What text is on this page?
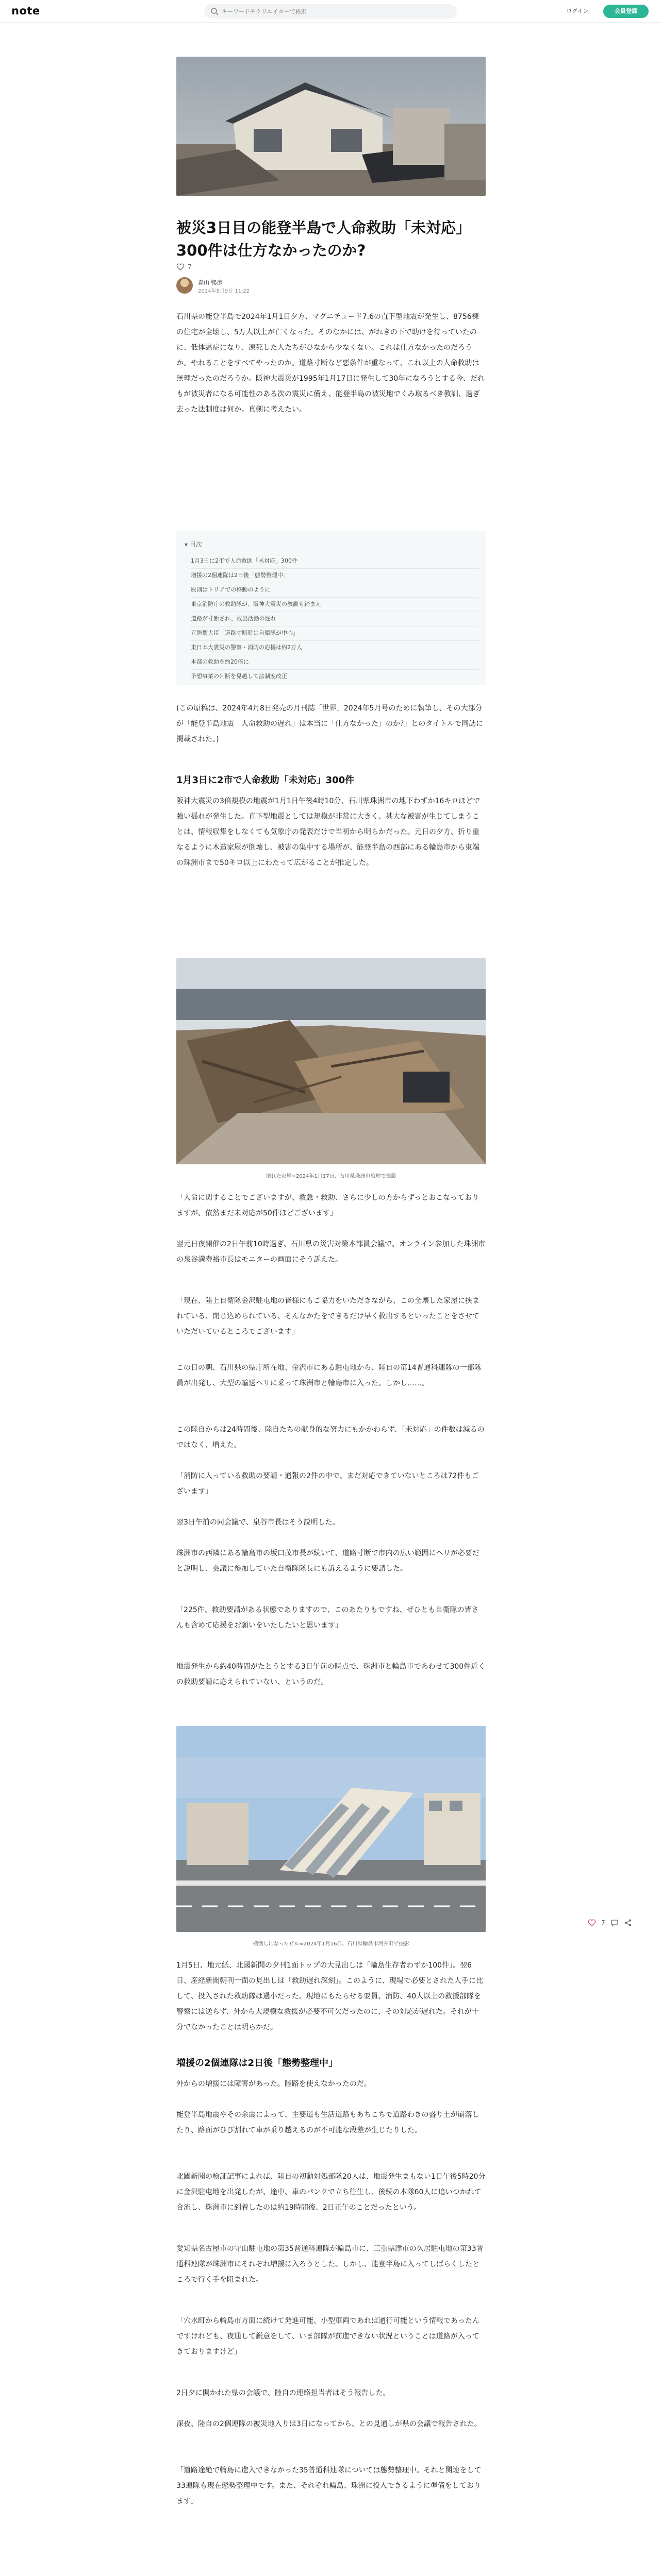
note
キーワードやクリエイターで検索	ログイン	会員登録
被災3日目の能登半島で人命救助「未対応」300件は仕方なかったのか?
7
森山 暢彦
2024年5月9日 11:22

石川県の能登半島で2024年1月1日夕方、マグニチュード7.6の直下型地震が発生し、8756棟の住宅が全壊し、5万人以上が亡くなった。そのなかには、がれきの下で助けを待っていたのに、低体温症になり、凍死した人たちがひなから少なくない。これは仕方なかったのだろうか。やれることをすべてやったのか。道路寸断など悪条件が重なって、これ以上の人命救助は無理だったのだろうか。阪神大震災が1995年1月17日に発生して30年になろうとする今、だれもが被災者になる可能性のある次の震災に備え、能登半島の被災地でくみ取るべき教訓、過ぎ去った法制度は何か。真剣に考えたい。

▾ 目次
1月3日に2市で人命救助「未対応」300件
増援の2個連隊は2日後「態勢整理中」
原則はトリアでの移動のように
東京消防庁の救助隊が、阪神大震災の教訓も踏まえ
道路が寸断され、救出活動の遅れ
元防衛大臣「道路寸断時は自衛隊が中心」
東日本大震災の警察・消防の応援は約2万人
本部の救助を約20倍に
予想事業の判断を見越して法制度改正

(この原稿は、2024年4月8日発売の月刊誌「世界」2024年5月号のために執筆し、その大部分が「能登半島地震「人命救助の遅れ」は本当に「仕方なかった」のか?」とのタイトルで同誌に掲載された。)

1月3日に2市で人命救助「未対応」300件

阪神大震災の3倍規模の地震が1月1日午後4時10分、石川県珠洲市の地下わずか16キロほどで強い揺れが発生した。直下型地震としては規模が非常に大きく、甚大な被害が生じてしまうことは、情報収集をしなくても気象庁の発表だけで当初から明らかだった。元日の夕方、折り重なるように木造家屋が倒壊し、被害の集中する場所が、能登半島の西部にある輪島市から東端の珠洲市まで50キロ以上にわたって広がることが推定した。

壊れた家屋=2024年1月17日、石川県珠洲市狼煙で撮影

「人命に関することでございますが、救急・救助、さらに少しの方からずっとおこなっておりますが、依然まだ未対応が50件ほどございます」

翌元日夜開催の2日午前10時過ぎ、石川県の災害対策本部員会議で、オンライン参加した珠洲市の泉谷満寿裕市長はモニターの画面にそう訴えた。

「現在、陸上自衛隊金沢駐屯地の皆様にもご協力をいただきながら、この全壊した家屋に挟まれている、閉じ込められている、そんなかたをできるだけ早く救出するといったことをさせていただいているところでございます」

この日の朝、石川県の県庁所在地、金沢市にある駐屯地から、陸自の第14普通科連隊の一部隊員が出発し、大型の輸送ヘリに乗って珠洲市と輪島市に入った。しかし……。

この陸自からは24時間後、陸自たちの献身的な努力にもかかわらず、「未対応」の件数は減るのではなく、増えた。

「消防に入っている救助の要請・通報の2件の中で、まだ対応できていないところは72件もございます」

翌3日午前の同会議で、泉谷市長はそう説明した。

珠洲市の西隣にある輪島市の坂口茂市長が続いて、道路寸断で市内の広い範囲にヘリが必要だと説明し、会議に参加していた自衛隊隊長にも訴えるように要請した。

「225件、救助要請がある状態でありますので、このあたりもですね、ぜひとも自衛隊の皆さんも含めて応援をお願いをいたしたいと思います」

地震発生から約40時間がたとうとする3日午前の時点で、珠洲市と輪島市であわせて300件近くの救助要請に応えられていない、というのだ。

横倒しになったビル=2024年1月16日、石川県輪島市河井町で撮影

1月5日、地元紙、北國新聞の夕刊1面トップの大見出しは「輪島生存者わずか100件」。翌6日、産経新聞朝刊一面の見出しは「救助遅れ深刻」。このように、現場で必要とされた人手に比して、投入された救助隊は過小だった。現地にもたらせる要員、消防、40人以上の救援部隊を警察には送らず、外から大規模な救援が必要不可欠だったのに、その対応が遅れた。それが十分でなかったことは明らかだ。

増援の2個連隊は2日後「態勢整理中」

外からの増援には障害があった。陸路を使えなかったのだ。

能登半島地震やその余震によって、主要道も生活道路もあちこちで道路わきの盛り土が崩落したり、路面がひび割れて車が乗り越えるのが不可能な段差が生じたりした。

北國新聞の検証記事によれば、陸自の初動対処部隊20人は、地震発生まもない1日午後5時20分に金沢駐屯地を出発したが、途中、車のパンクで立ち往生し、後続の本隊60人に追いつかれて合流し、珠洲市に到着したのは約19時間後、2日正午のことだったという。

愛知県名古屋市の守山駐屯地の第35普通科連隊が輪島市に、三重県津市の久居駐屯地の第33普通科連隊が珠洲市にそれぞれ増援に入ろうとした。しかし、能登半島に入ってしばらくしたところで行く手を阻まれた。

「穴水町から輪島市方面に続けて発進可能、小型車両であれば通行可能という情報であったんですけれども、夜通して鋭意をして、いま部隊が前進できない状況ということは道路が入ってきておりますけど」

2日夕に開かれた県の会議で、陸自の連絡担当者はそう報告した。

深夜、陸自の2個連隊の被災地入りは3日になってから、との見通しが県の会議で報告された。

「道路途絶で輪島に進入できなかった35普通科連隊については態勢整理中。それと関連をして33連隊も現在態勢整理中です。また、それぞれ輪島、珠洲に投入できるように準備をしております」

7
